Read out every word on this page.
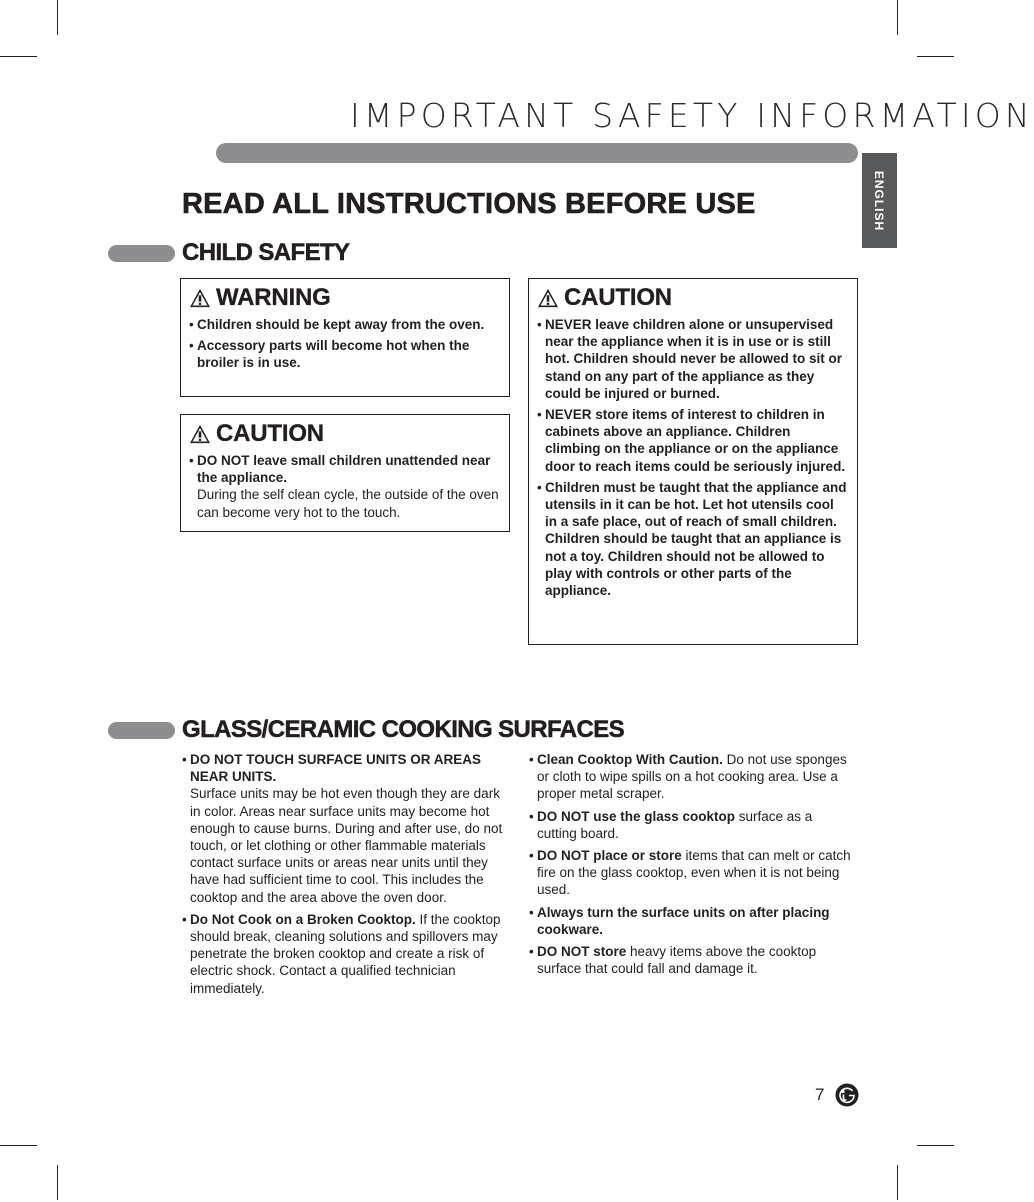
IMPORTANT SAFETY INFORMATION
ENGLISH
READ ALL INSTRUCTIONS BEFORE USE
CHILD SAFETY
WARNING
• Children should be kept away from the oven.
• Accessory parts will become hot when the broiler is in use.
CAUTION
• DO NOT leave small children unattended near the appliance.
During the self clean cycle, the outside of the oven can become very hot to the touch.
CAUTION
• NEVER leave children alone or unsupervised near the appliance when it is in use or is still hot. Children should never be allowed to sit or stand on any part of the appliance as they could be injured or burned.
• NEVER store items of interest to children in cabinets above an appliance. Children climbing on the appliance or on the appliance door to reach items could be seriously injured.
• Children must be taught that the appliance and utensils in it can be hot. Let hot utensils cool in a safe place, out of reach of small children. Children should be taught that an appliance is not a toy. Children should not be allowed to play with controls or other parts of the appliance.
GLASS/CERAMIC COOKING SURFACES
• DO NOT TOUCH SURFACE UNITS OR AREAS NEAR UNITS.
Surface units may be hot even though they are dark in color. Areas near surface units may become hot enough to cause burns. During and after use, do not touch, or let clothing or other flammable materials contact surface units or areas near units until they have had sufficient time to cool. This includes the cooktop and the area above the oven door.
• Do Not Cook on a Broken Cooktop. If the cooktop should break, cleaning solutions and spillovers may penetrate the broken cooktop and create a risk of electric shock. Contact a qualified technician immediately.
• Clean Cooktop With Caution. Do not use sponges or cloth to wipe spills on a hot cooking area. Use a proper metal scraper.
• DO NOT use the glass cooktop surface as a cutting board.
• DO NOT place or store items that can melt or catch fire on the glass cooktop, even when it is not being used.
• Always turn the surface units on after placing cookware.
• DO NOT store heavy items above the cooktop surface that could fall and damage it.
7
